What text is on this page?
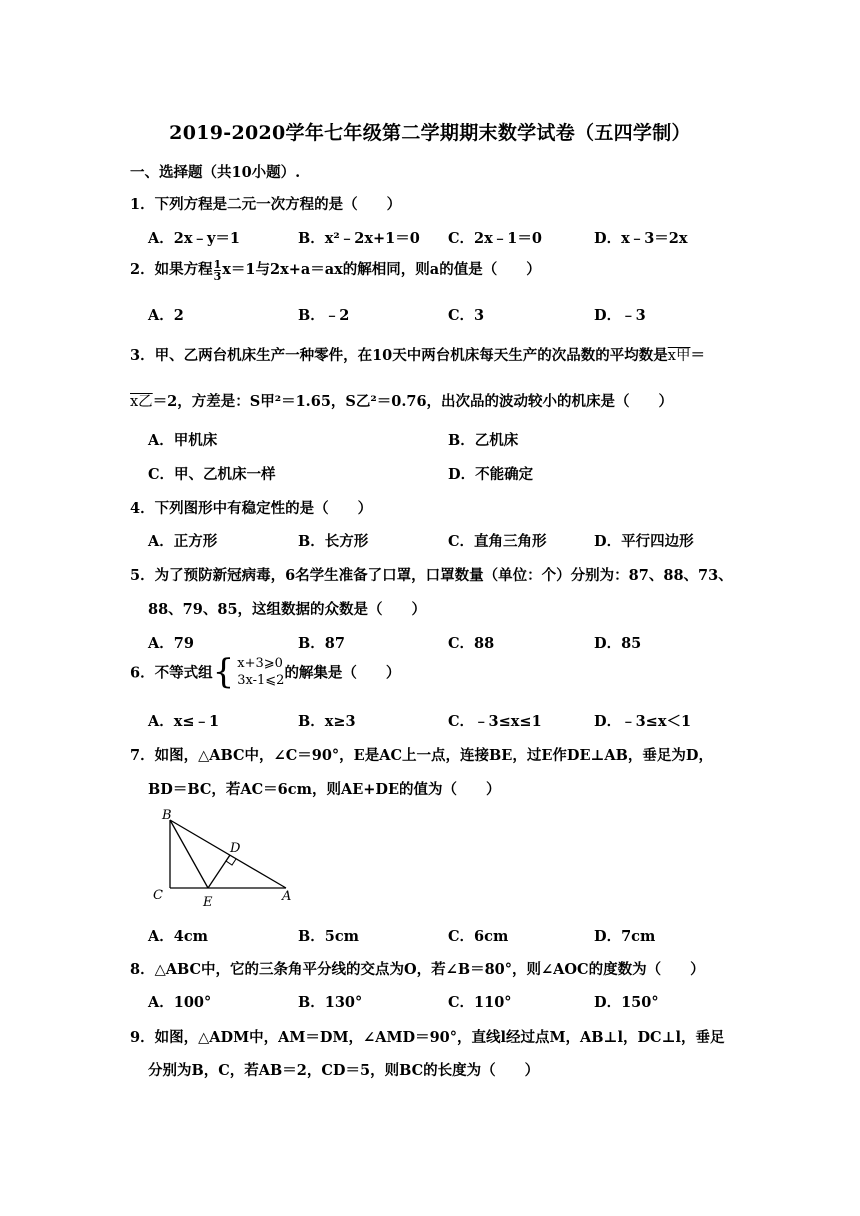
2019-2020学年七年级第二学期期末数学试卷（五四学制）
一、选择题（共10小题）.
1．下列方程是二元一次方程的是（　　）
A．2x﹣y＝1	B．x²﹣2x+1＝0 C．2x﹣1＝0	D．x﹣3＝2x
2．如果方程 $\frac{1}{3} x=1$与2x+a＝ax的解相同，则a的值是（　　）
A．2	B．﹣2	C．3	D．﹣3
3．甲、乙两台机床生产一种零件，在10天中两台机床每天生产的次品数的平均数是x甲＝
x乙＝2，方差是：S甲²＝1.65，S乙²＝0.76，出次品的波动较小的机床是（　　）
A．甲机床	B．乙机床
C．甲、乙机床一样	D．不能确定
4．下列图形中有稳定性的是（　　）
A．正方形	B．长方形	C．直角三角形	D．平行四边形
5．为了预防新冠病毒，6名学生准备了口罩，口罩数量（单位：个）分别为：87、88、73、
88、79、85，这组数据的众数是（　　）
A．79	B．87	C．88	D．85
6．不等式组{ x+3⩾0
3x-1⩽2 的解集是（　　）
A．x≤﹣1	B．x≥3	C．﹣3≤x≤1	D．﹣3≤x＜1
7．如图，△ABC中，∠C＝90°，E是AC上一点，连接BE，过E作DE⊥AB，垂足为D，
BD＝BC，若AC＝6cm，则AE+DE的值为（　　）
B
C
D
E	A
A．4cm	B．5cm	C．6cm	D．7cm
8．△ABC中，它的三条角平分线的交点为O，若∠B＝80°，则∠AOC的度数为（　　）
A．100°	B．130°	C．110°	D．150°
9．如图，△ADM中，AM＝DM，∠AMD＝90°，直线l经过点M，AB⊥l，DC⊥l，垂足
分别为B，C，若AB＝2，CD＝5，则BC的长度为（　　）
